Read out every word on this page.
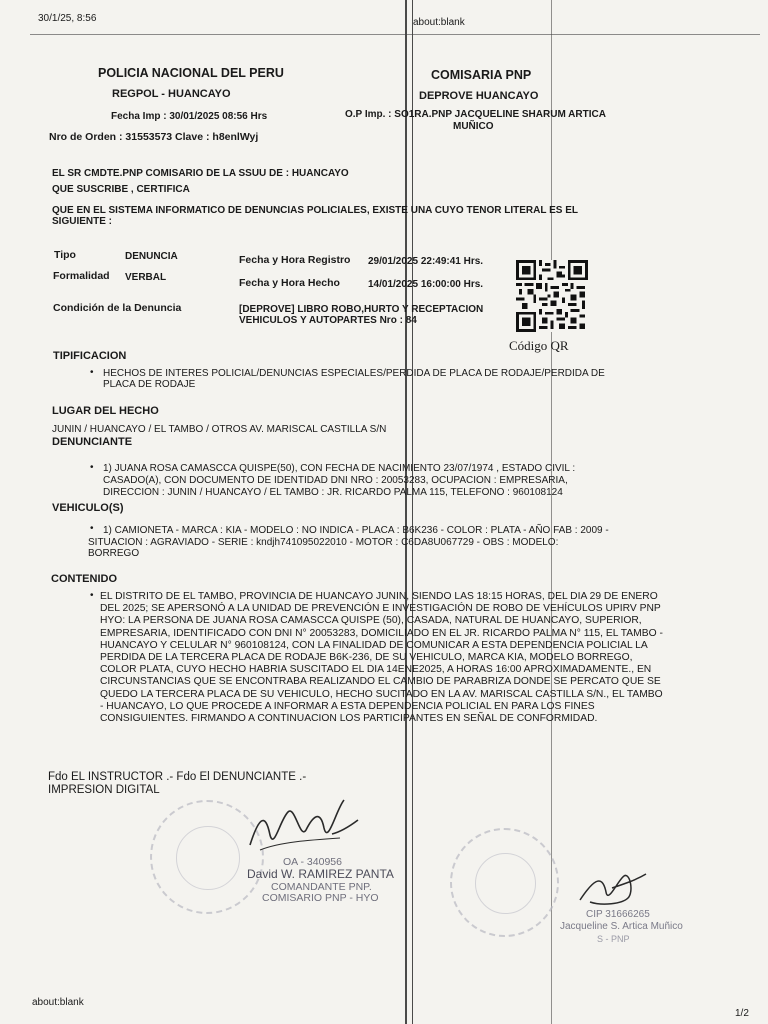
30/1/25, 8:56	about:blank
POLICIA NACIONAL DEL PERU
REGPOL - HUANCAYO
COMISARIA PNP
DEPROVE HUANCAYO
Fecha Imp : 30/01/2025 08:56 Hrs	O.P Imp. : SO1RA.PNP JACQUELINE SHARUM ARTICA
MUÑICO
Nro de Orden : 31553573 Clave : h8enlWyj
EL SR CMDTE.PNP COMISARIO DE LA SSUU DE : HUANCAYO
QUE SUSCRIBE , CERTIFICA
QUE EN EL SISTEMA INFORMATICO DE DENUNCIAS POLICIALES, EXISTE UNA CUYO TENOR LITERAL ES EL
SIGUIENTE :
Tipo	DENUNCIA
Formalidad VERBAL
Fecha y Hora Registro 29/01/2025 22:49:41 Hrs.
Fecha y Hora Hecho	14/01/2025 16:00:00 Hrs.
Condición de la Denuncia	[DEPROVE] LIBRO ROBO,HURTO Y RECEPTACION
VEHICULOS Y AUTOPARTES Nro : 84
Código QR
TIPIFICACION
• HECHOS DE INTERES POLICIAL/DENUNCIAS ESPECIALES/PERDIDA DE PLACA DE RODAJE/PERDIDA DE
PLACA DE RODAJE
LUGAR DEL HECHO
JUNIN / HUANCAYO / EL TAMBO / OTROS AV. MARISCAL CASTILLA S/N
DENUNCIANTE
• 1) JUANA ROSA CAMASCCA QUISPE(50), CON FECHA DE NACIMIENTO 23/07/1974 , ESTADO CIVIL :
CASADO(A), CON DOCUMENTO DE IDENTIDAD DNI NRO : 20053283, OCUPACION : EMPRESARIA,
DIRECCION : JUNIN / HUANCAYO / EL TAMBO : JR. RICARDO PALMA 115, TELEFONO : 960108124
VEHICULO(S)
• 1) CAMIONETA - MARCA : KIA - MODELO : NO INDICA - PLACA : B6K236 - COLOR : PLATA - AÑO FAB : 2009 -
SITUACION : AGRAVIADO - SERIE : kndjh741095022010 - MOTOR : C6DA8U067729 - OBS : MODELO:
BORREGO
CONTENIDO
• EL DISTRITO DE EL TAMBO, PROVINCIA DE HUANCAYO JUNIN, SIENDO LAS 18:15 HORAS, DEL DIA 29 DE ENERO
DEL 2025; SE APERSONÓ A LA UNIDAD DE PREVENCIÓN E INVESTIGACIÓN DE ROBO DE VEHÍCULOS UPIRV PNP
HYO: LA PERSONA DE JUANA ROSA CAMASCCA QUISPE (50), CASADA, NATURAL DE HUANCAYO, SUPERIOR,
EMPRESARIA, IDENTIFICADO CON DNI N° 20053283, DOMICILIADO EN EL JR. RICARDO PALMA N° 115, EL TAMBO -
HUANCAYO Y CELULAR N° 960108124, CON LA FINALIDAD DE COMUNICAR A ESTA DEPENDENCIA POLICIAL LA
PERDIDA DE LA TERCERA PLACA DE RODAJE B6K-236, DE SU VEHICULO, MARCA KIA, MODELO BORREGO,
COLOR PLATA, CUYO HECHO HABRIA SUSCITADO EL DIA 14ENE2025, A HORAS 16:00 APROXIMADAMENTE., EN
CIRCUNSTANCIAS QUE SE ENCONTRABA REALIZANDO EL CAMBIO DE PARABRIZA DONDE SE PERCATO QUE SE
QUEDO LA TERCERA PLACA DE SU VEHICULO, HECHO SUCITADO EN LA AV. MARISCAL CASTILLA S/N., EL TAMBO
- HUANCAYO, LO QUE PROCEDE A INFORMAR A ESTA DEPENDENCIA POLICIAL EN PARA LOS FINES
CONSIGUIENTES. FIRMANDO A CONTINUACION LOS PARTICIPANTES EN SEÑAL DE CONFORMIDAD.
Fdo EL INSTRUCTOR .- Fdo El DENUNCIANTE .-
IMPRESION DIGITAL
OA - 340956
David W. RAMIREZ PANTA
COMANDANTE PNP.
COMISARIO PNP - HYO
CIP 31666265
Jacqueline S. Artica Muñico
S - PNP
about:blank
1/2
